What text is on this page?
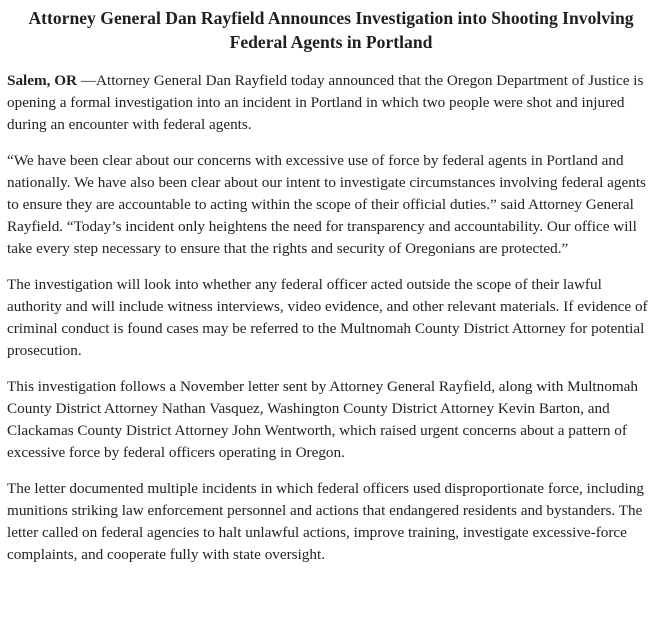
Attorney General Dan Rayfield Announces Investigation into Shooting Involving Federal Agents in Portland

Salem, OR —Attorney General Dan Rayfield today announced that the Oregon Department of Justice is opening a formal investigation into an incident in Portland in which two people were shot and injured during an encounter with federal agents.

“We have been clear about our concerns with excessive use of force by federal agents in Portland and nationally. We have also been clear about our intent to investigate circumstances involving federal agents to ensure they are accountable to acting within the scope of their official duties.” said Attorney General Rayfield. “Today’s incident only heightens the need for transparency and accountability. Our office will take every step necessary to ensure that the rights and security of Oregonians are protected.”

The investigation will look into whether any federal officer acted outside the scope of their lawful authority and will include witness interviews, video evidence, and other relevant materials. If evidence of criminal conduct is found cases may be referred to the Multnomah County District Attorney for potential prosecution.

This investigation follows a November letter sent by Attorney General Rayfield, along with Multnomah County District Attorney Nathan Vasquez, Washington County District Attorney Kevin Barton, and Clackamas County District Attorney John Wentworth, which raised urgent concerns about a pattern of excessive force by federal officers operating in Oregon.

The letter documented multiple incidents in which federal officers used disproportionate force, including munitions striking law enforcement personnel and actions that endangered residents and bystanders. The letter called on federal agencies to halt unlawful actions, improve training, investigate excessive-force complaints, and cooperate fully with state oversight.
